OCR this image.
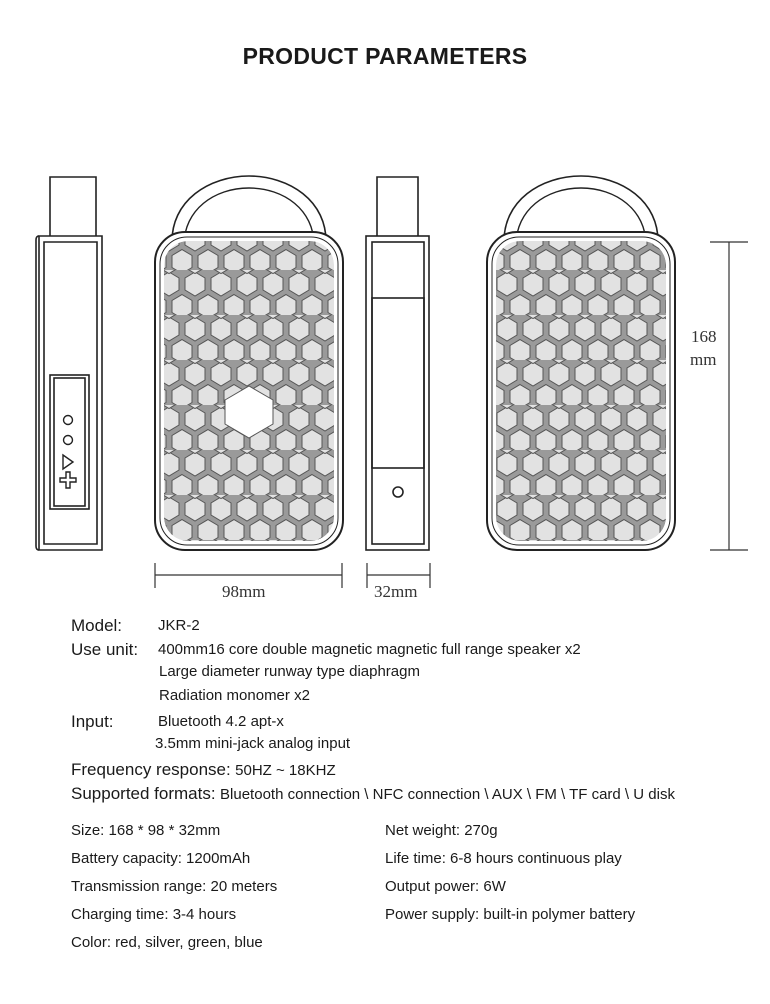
PRODUCT PARAMETERS
98mm	32mm
168
mm
Model: JKR-2
Use unit: 400mm16 core double magnetic magnetic full range speaker x2
Large diameter runway type diaphragm
Radiation monomer x2
Input:	Bluetooth 4.2 apt-x
3.5mm mini-jack analog input
Frequency response: 50HZ ~ 18KHZ
Supported formats: Bluetooth connection \ NFC connection \ AUX \ FM \ TF card \ U disk
Size: 168 * 98 * 32mm
Battery capacity: 1200mAh
Transmission range: 20 meters
Charging time: 3-4 hours
Color: red, silver, green, blue
Net weight: 270g
Life time: 6-8 hours continuous play
Output power: 6W
Power supply: built-in polymer battery
